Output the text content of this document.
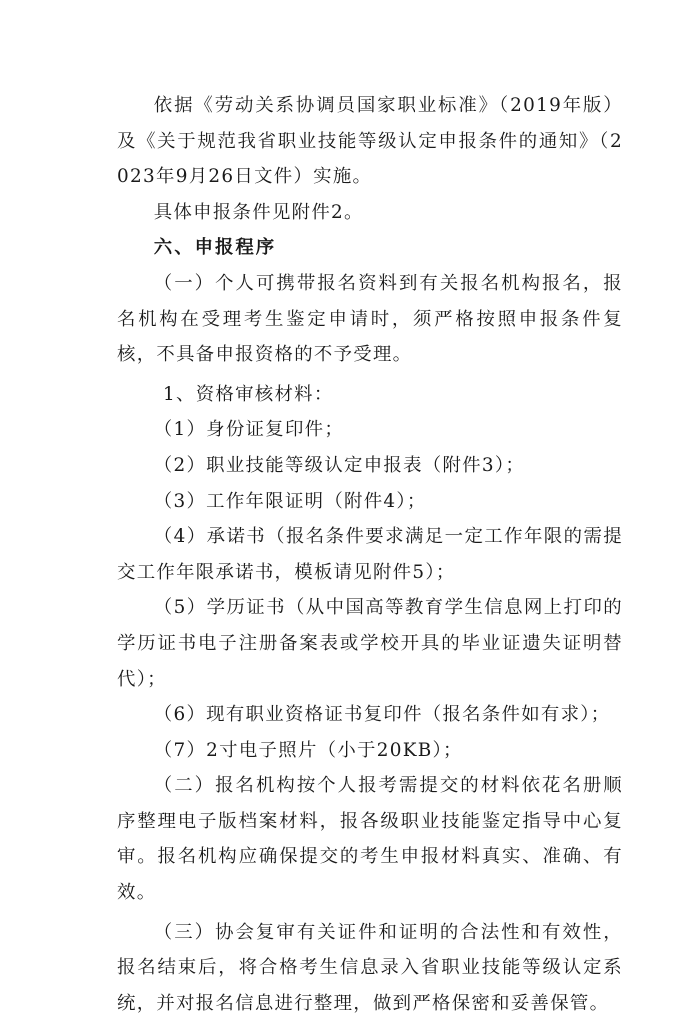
依据《劳动关系协调员国家职业标准》（2019年版）及《关于规范我省职业技能等级认定申报条件的通知》（2023年9月26日文件）实施。

具体申报条件见附件2。

六、申报程序

（一）个人可携带报名资料到有关报名机构报名，报名机构在受理考生鉴定申请时，须严格按照申报条件复核，不具备申报资格的不予受理。

1、资格审核材料：

（1）身份证复印件；

（2）职业技能等级认定申报表（附件3）；

（3）工作年限证明（附件4）；

（4）承诺书（报名条件要求满足一定工作年限的需提交工作年限承诺书，模板请见附件5）；

（5）学历证书（从中国高等教育学生信息网上打印的学历证书电子注册备案表或学校开具的毕业证遗失证明替代）；

（6）现有职业资格证书复印件（报名条件如有求）；

（7）2寸电子照片（小于20KB）；

（二）报名机构按个人报考需提交的材料依花名册顺序整理电子版档案材料，报各级职业技能鉴定指导中心复审。报名机构应确保提交的考生申报材料真实、准确、有效。

（三）协会复审有关证件和证明的合法性和有效性，报名结束后，将合格考生信息录入省职业技能等级认定系统，并对报名信息进行整理，做到严格保密和妥善保管。
